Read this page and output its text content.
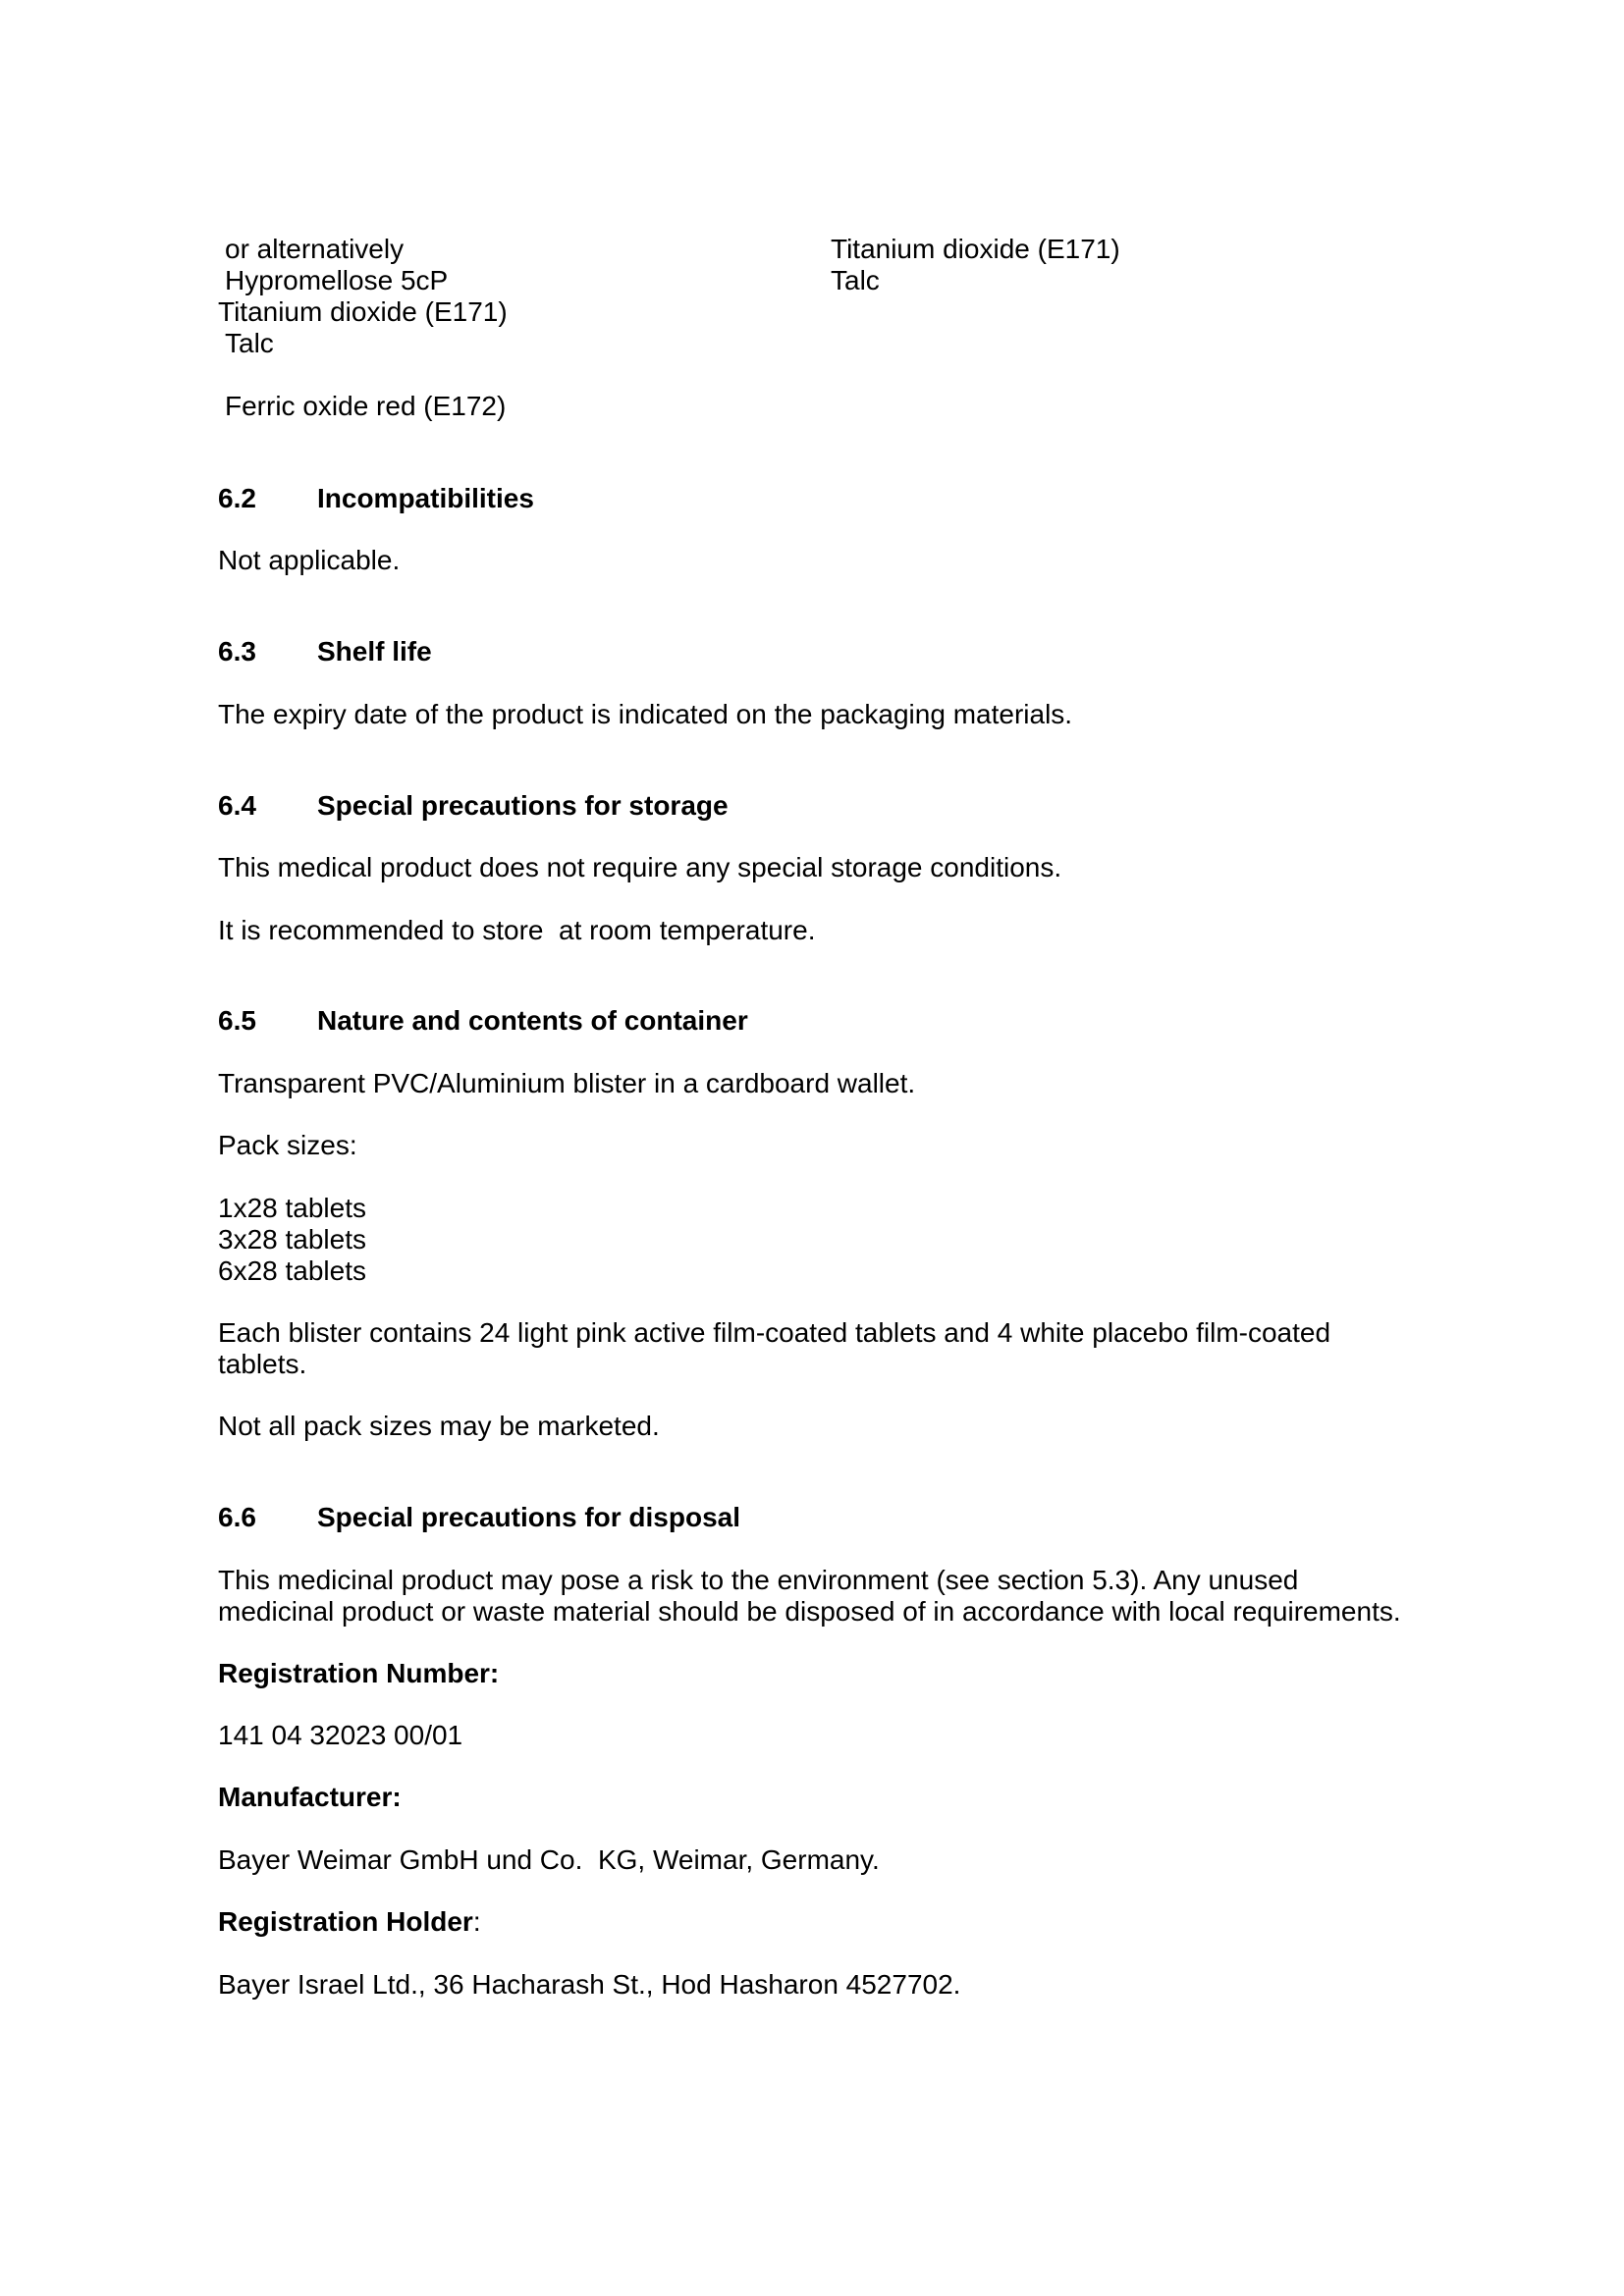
or alternatively

Hypromellose 5cP

Titanium dioxide (E171)

Talc

Ferric oxide red (E172)

Titanium dioxide (E171)

Talc

6.2 Incompatibilities

Not applicable.

6.3 Shelf life

The expiry date of the product is indicated on the packaging materials.

6.4 Special precautions for storage

This medical product does not require any special storage conditions.

It is recommended to store  at room temperature.

6.5 Nature and contents of container

Transparent PVC/Aluminium blister in a cardboard wallet.

Pack sizes:

1x28 tablets

3x28 tablets

6x28 tablets

Each blister contains 24 light pink active film-coated tablets and 4 white placebo film-coated

tablets.

Not all pack sizes may be marketed.

6.6 Special precautions for disposal

This medicinal product may pose a risk to the environment (see section 5.3). Any unused

medicinal product or waste material should be disposed of in accordance with local requirements.

Registration Number:

141 04 32023 00/01

Manufacturer:

Bayer Weimar GmbH und Co.  KG, Weimar, Germany.

Registration Holder:

Bayer Israel Ltd., 36 Hacharash St., Hod Hasharon 4527702.
